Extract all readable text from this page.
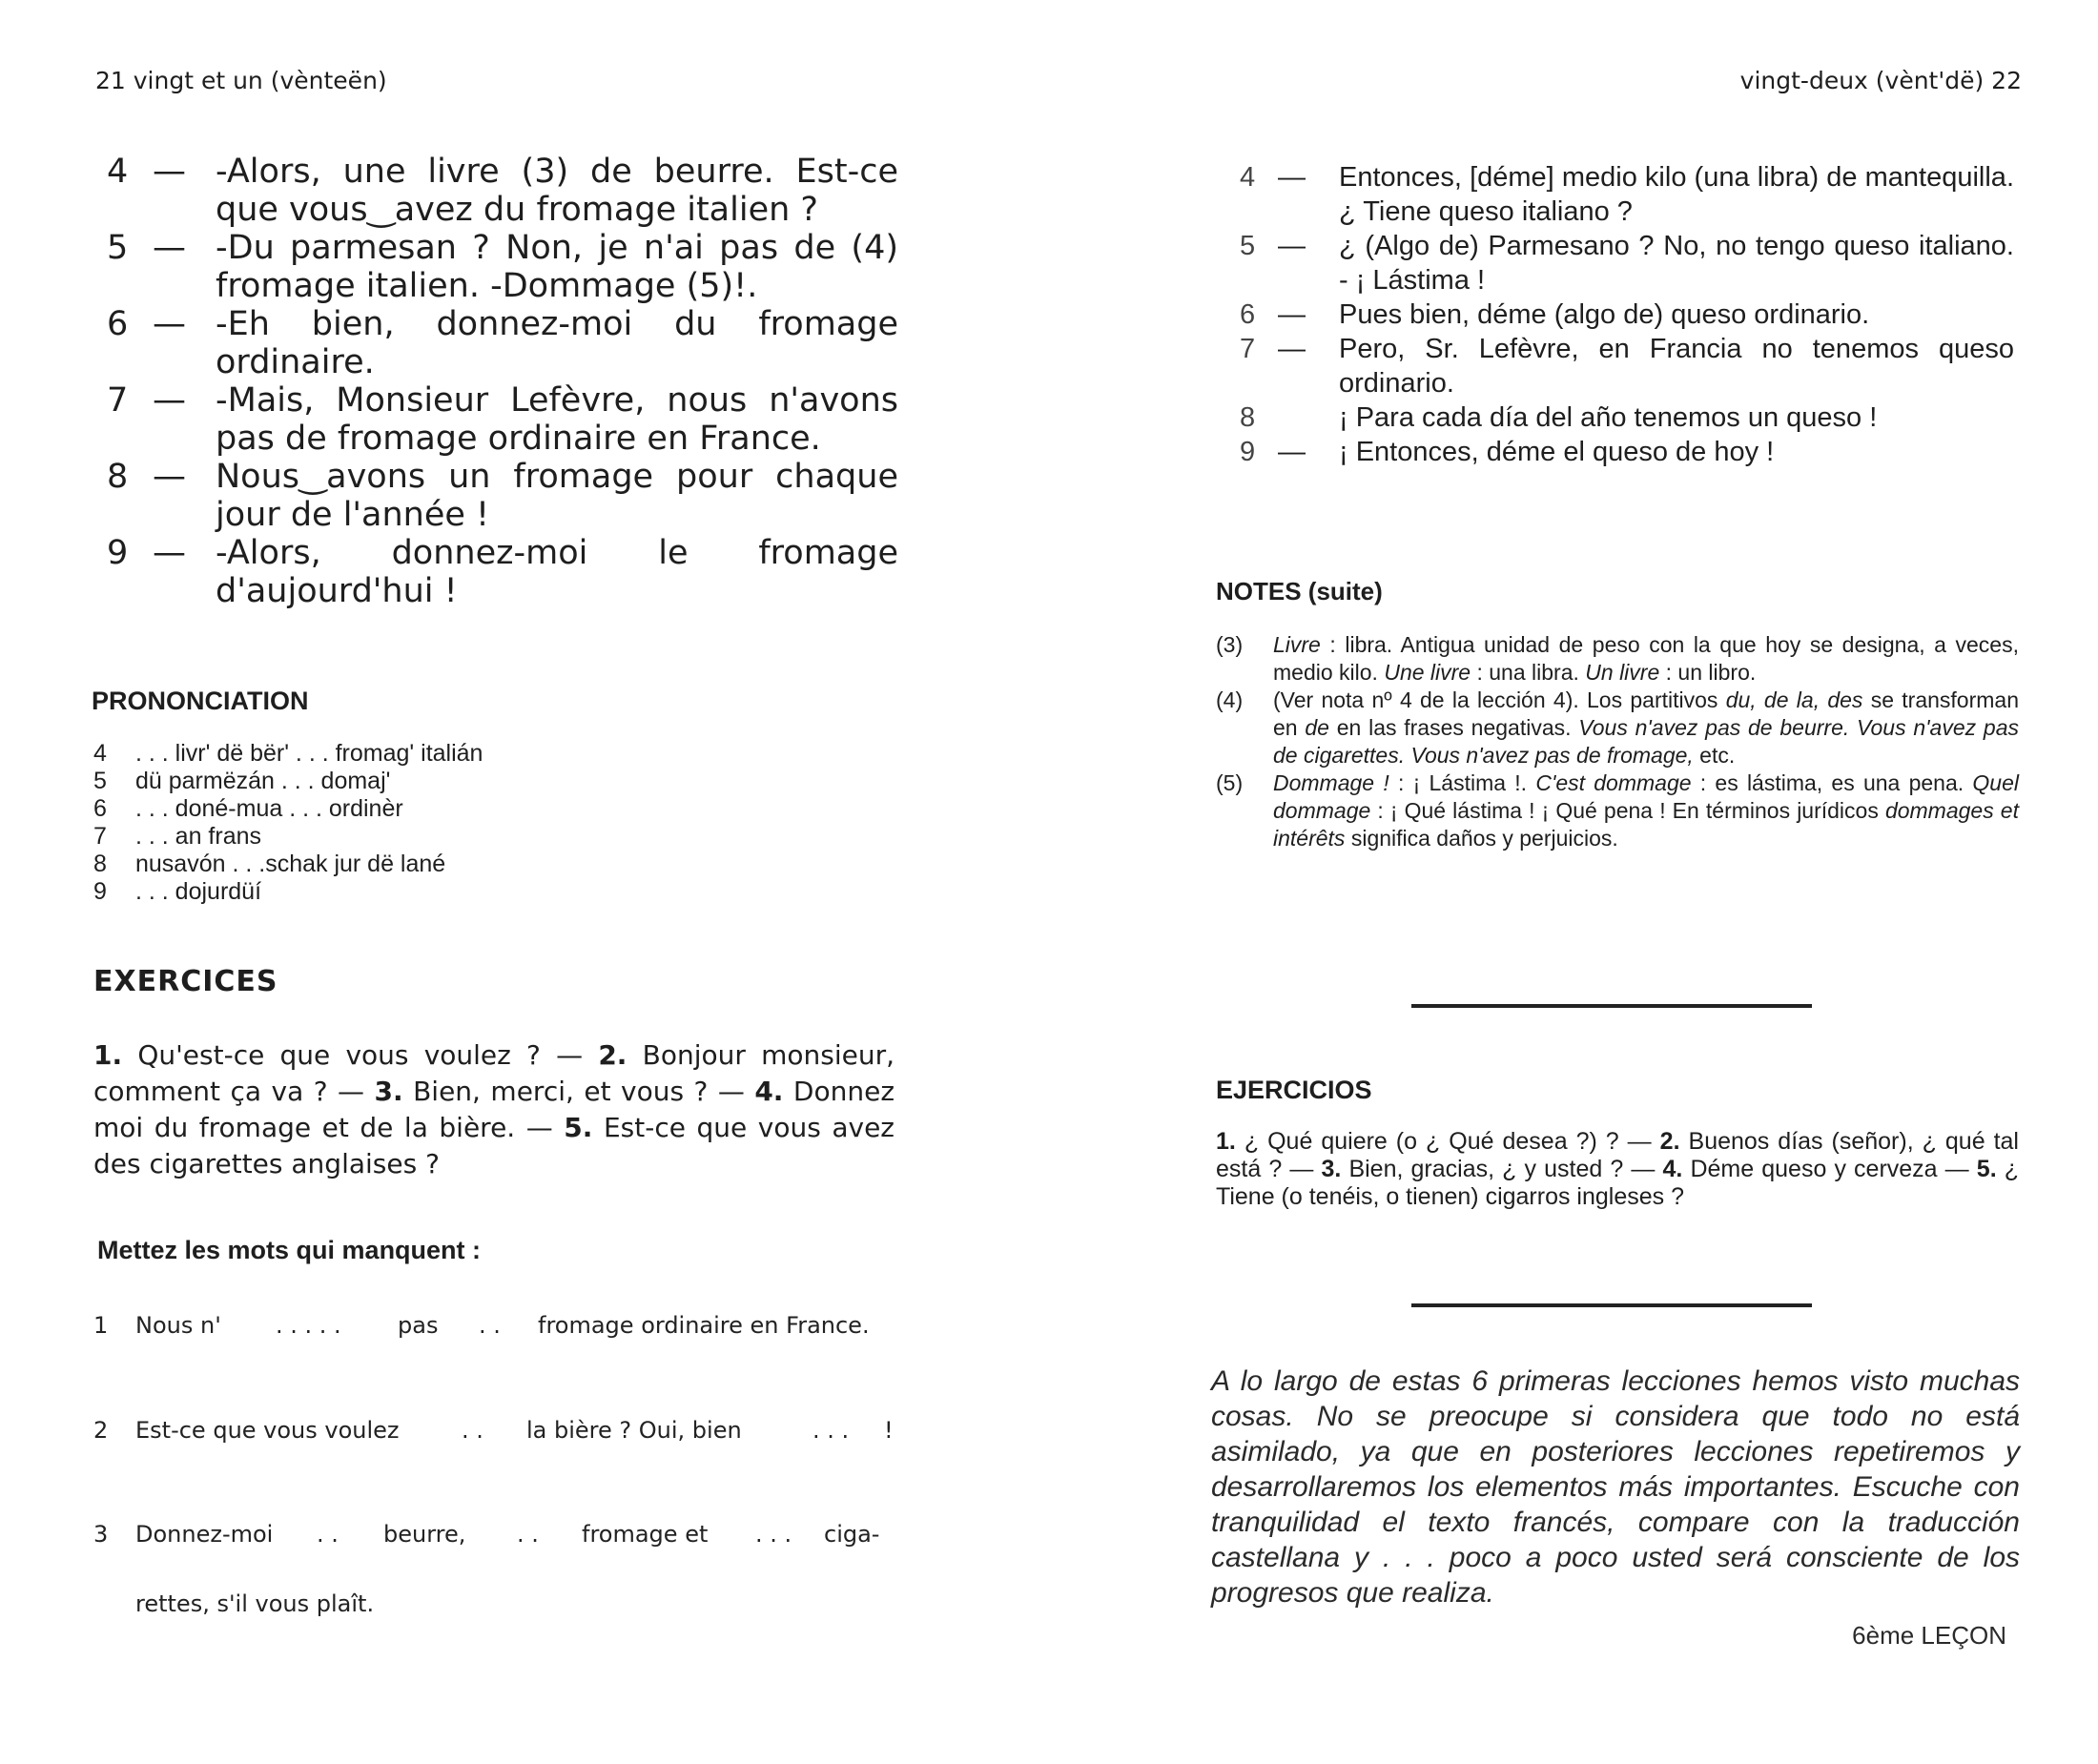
21 vingt et un (vèntеёn)
4 — -Alors, une livre (3) de beurre. Est-ce que vous‿avez du fromage italien ?
5 — -Du parmesan ? Non, je n'ai pas de (4) fromage italien. -Dommage (5)!.
6 — -Eh bien, donnez-moi du fromage ordinaire.
7 — -Mais, Monsieur Lefèvre, nous n'avons pas de fromage ordinaire en France.
8 — Nous‿avons un fromage pour chaque jour de l'année !
9 — -Alors, donnez-moi le fromage d'aujourd'hui !
PRONONCIATION
4	. . . livr' dë bër' . . . fromag' italián
5	dü parmëzán . . . domaj'
6	. . . doné-mua . . . ordinèr
7	. . . an frans
8	nusavón . . .schak jur dë lané
9	. . . dojurdüí
EXERCICES

1. Qu'est-ce que vous voulez ? — 2. Bonjour monsieur, comment ça va ? — 3. Bien, merci, et vous ? — 4. Donnez moi du fromage et de la bière. — 5. Est-ce que vous avez des cigarettes anglaises ?

Mettez les mots qui manquent :

1 Nous n' . . . . . pas . . fromage ordinaire en France.

2 Est-ce que vous voulez	. . la bière ? Oui, bien	. . . !

3 Donnez-moi . . beurre, . . fromage et . . . ciga-

rettes, s'il vous plaît.

vingt-deux (vènt'dë) 22
4 —	Entonces, [déme] medio kilo (una libra) de mantequilla. ¿ Tiene queso italiano ?
5 —	¿ (Algo de) Parmesano ? No, no tengo queso italiano. - ¡ Lástima !
6 —	Pues bien, déme (algo de) queso ordinario.
7 —	Pero, Sr. Lefèvre, en Francia no tenemos queso ordinario.
8	¡ Para cada día del año tenemos un queso !
9 —	¡ Entonces, déme el queso de hoy !
NOTES (suite)
(3)	Livre : libra. Antigua unidad de peso con la que hoy se designa, a veces, medio kilo. Une livre : una libra. Un livre : un libro.
(4)	(Ver nota nº 4 de la lección 4). Los partitivos du, de la, des se transforman en de en las frases negativas. Vous n'avez pas de beurre. Vous n'avez pas de cigarettes. Vous n'avez pas de fromage, etc.
(5)	Dommage ! : ¡ Lástima !. C'est dommage : es lástima, es una pena. Quel dommage : ¡ Qué lástima ! ¡ Qué pena ! En términos jurídicos dommages et intérêts significa daños y perjuicios.
EJERCICIOS

1. ¿ Qué quiere (o ¿ Qué desea ?) ? — 2. Buenos días (señor), ¿ qué tal está ? — 3. Bien, gracias, ¿ y usted ? — 4. Déme queso y cerveza — 5. ¿ Tiene (o tenéis, o tienen) cigarros ingleses ?

A lo largo de estas 6 primeras lecciones hemos visto muchas cosas. No se preocupe si considera que todo no está asimilado, ya que en posteriores lecciones repetiremos y desarrollaremos los elementos más importantes. Escuche con tranquilidad el texto francés, compare con la traducción castellana y . . . poco a poco usted será consciente de los progresos que realiza.

6ème LEÇON
